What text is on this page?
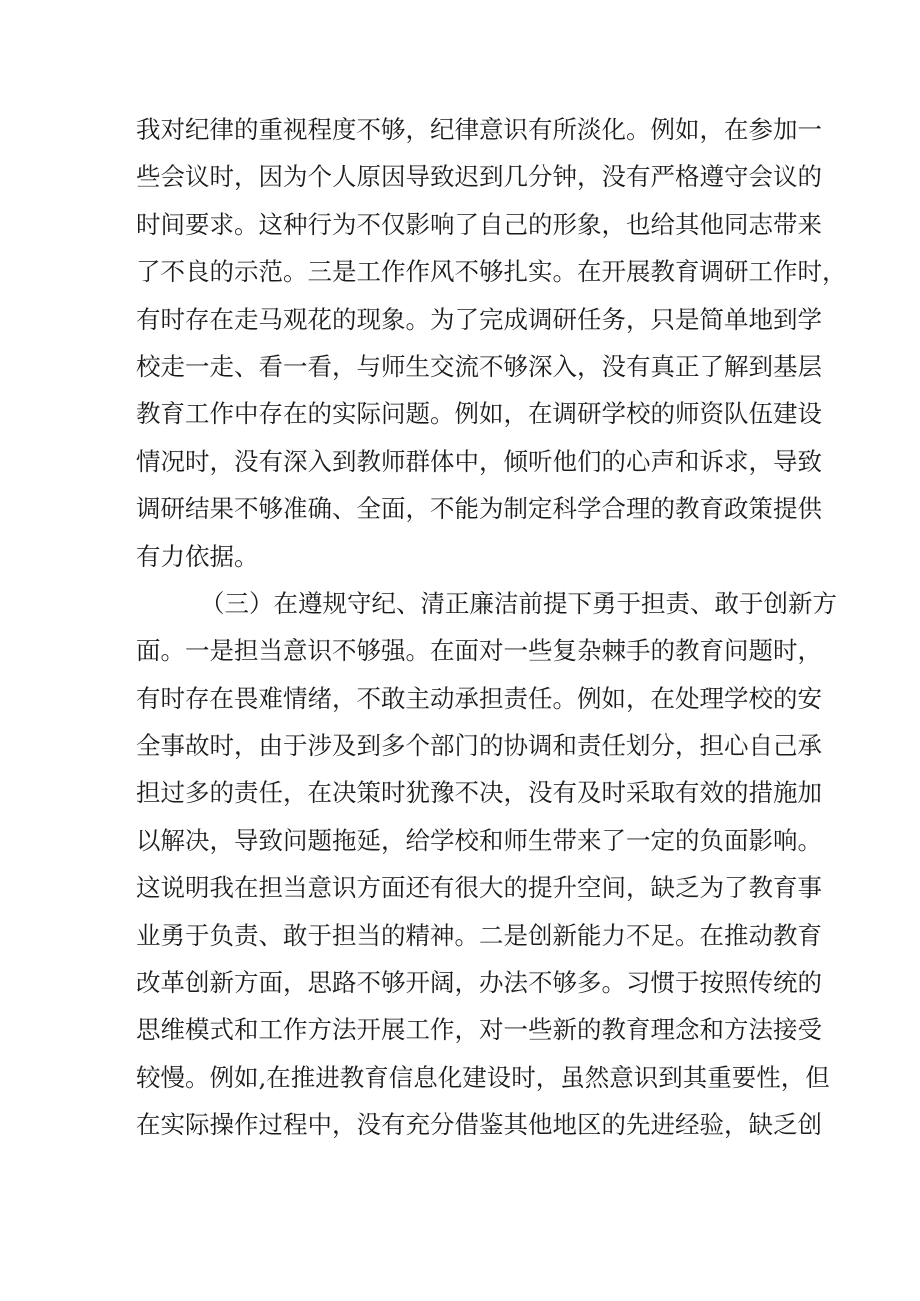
我对纪律的重视程度不够，纪律意识有所淡化。例如，在参加一
些会议时，因为个人原因导致迟到几分钟，没有严格遵守会议的
时间要求。这种行为不仅影响了自己的形象，也给其他同志带来
了不良的示范。三是工作作风不够扎实。在开展教育调研工作时，
有时存在走马观花的现象。为了完成调研任务，只是简单地到学
校走一走、看一看，与师生交流不够深入，没有真正了解到基层
教育工作中存在的实际问题。例如，在调研学校的师资队伍建设
情况时，没有深入到教师群体中，倾听他们的心声和诉求，导致
调研结果不够准确、全面，不能为制定科学合理的教育政策提供
有力依据。
（三）在遵规守纪、清正廉洁前提下勇于担责、敢于创新方
面。一是担当意识不够强。在面对一些复杂棘手的教育问题时，
有时存在畏难情绪，不敢主动承担责任。例如，在处理学校的安
全事故时，由于涉及到多个部门的协调和责任划分，担心自己承
担过多的责任，在决策时犹豫不决，没有及时采取有效的措施加
以解决，导致问题拖延，给学校和师生带来了一定的负面影响。
这说明我在担当意识方面还有很大的提升空间，缺乏为了教育事
业勇于负责、敢于担当的精神。二是创新能力不足。在推动教育
改革创新方面，思路不够开阔，办法不够多。习惯于按照传统的
思维模式和工作方法开展工作，对一些新的教育理念和方法接受
较慢。例如,在推进教育信息化建设时，虽然意识到其重要性，但
在实际操作过程中，没有充分借鉴其他地区的先进经验，缺乏创
